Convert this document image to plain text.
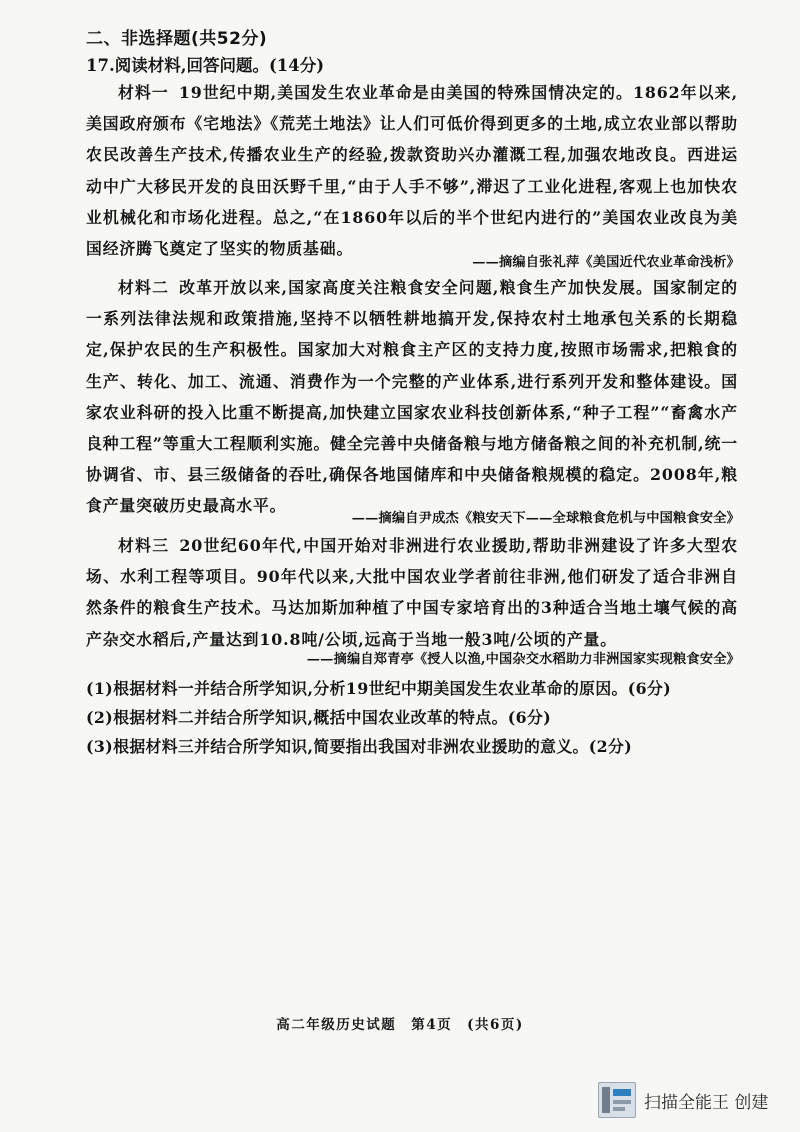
二、非选择题(共52分)
17.阅读材料,回答问题。(14分)
材料一 19世纪中期,美国发生农业革命是由美国的特殊国情决定的。1862年以来,美国政府颁布《宅地法》《荒芜土地法》让人们可低价得到更多的土地,成立农业部以帮助农民改善生产技术,传播农业生产的经验,拨款资助兴办灌溉工程,加强农地改良。西进运动中广大移民开发的良田沃野千里,“由于人手不够”,滞迟了工业化进程,客观上也加快农业机械化和市场化进程。总之,“在1860年以后的半个世纪内进行的”美国农业改良为美国经济腾飞奠定了坚实的物质基础。
——摘编自张礼萍《美国近代农业革命浅析》
材料二 改革开放以来,国家高度关注粮食安全问题,粮食生产加快发展。国家制定的一系列法律法规和政策措施,坚持不以牺牲耕地搞开发,保持农村土地承包关系的长期稳定,保护农民的生产积极性。国家加大对粮食主产区的支持力度,按照市场需求,把粮食的生产、转化、加工、流通、消费作为一个完整的产业体系,进行系列开发和整体建设。国家农业科研的投入比重不断提高,加快建立国家农业科技创新体系,“种子工程”“畜禽水产良种工程”等重大工程顺利实施。健全完善中央储备粮与地方储备粮之间的补充机制,统一协调省、市、县三级储备的吞吐,确保各地国储库和中央储备粮规模的稳定。2008年,粮食产量突破历史最高水平。
——摘编自尹成杰《粮安天下——全球粮食危机与中国粮食安全》
材料三 20世纪60年代,中国开始对非洲进行农业援助,帮助非洲建设了许多大型农场、水利工程等项目。90年代以来,大批中国农业学者前往非洲,他们研发了适合非洲自然条件的粮食生产技术。马达加斯加种植了中国专家培育出的3种适合当地土壤气候的高产杂交水稻后,产量达到10.8吨/公顷,远高于当地一般3吨/公顷的产量。
——摘编自郑青亭《授人以渔,中国杂交水稻助力非洲国家实现粮食安全》
(1)根据材料一并结合所学知识,分析19世纪中期美国发生农业革命的原因。(6分)
(2)根据材料二并结合所学知识,概括中国农业改革的特点。(6分)
(3)根据材料三并结合所学知识,简要指出我国对非洲农业援助的意义。(2分)
高二年级历史试题　第4页　(共6页)
扫描全能王 创建
